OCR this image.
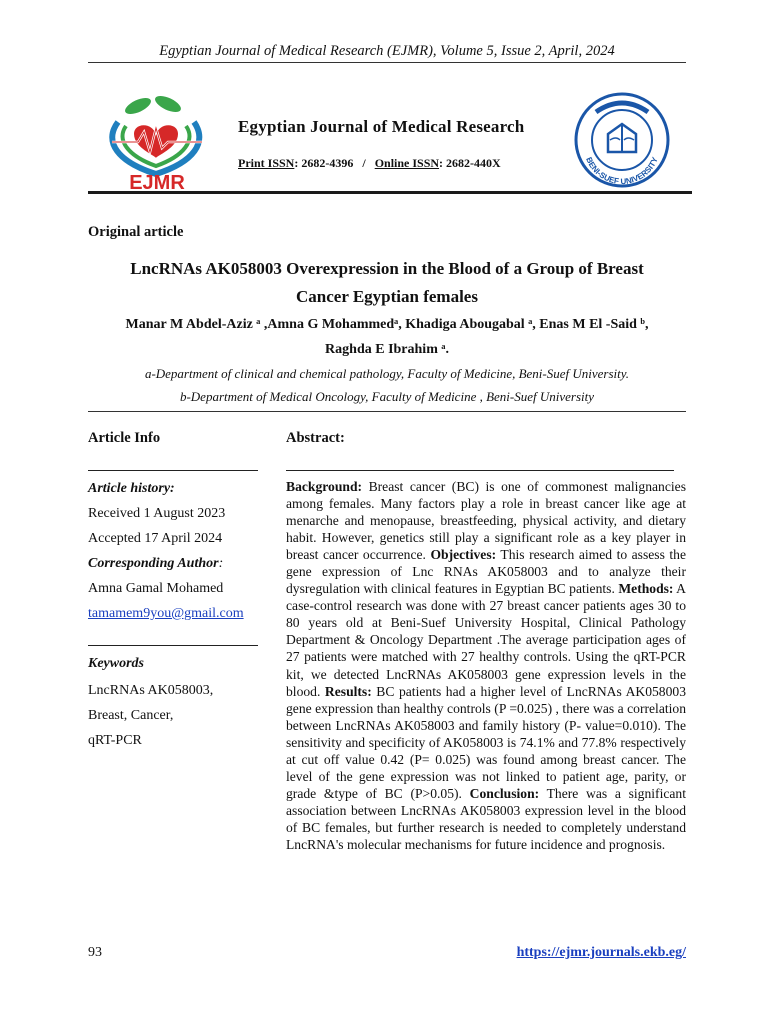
Egyptian Journal of Medical Research (EJMR), Volume 5, Issue 2, April, 2024
EJMR
Egyptian Journal of Medical Research
Print ISSN: 2682-4396 / Online ISSN: 2682-440X	BENI-SUEF UNIVERSITY
Original article
LncRNAs AK058003 Overexpression in the Blood of a Group of Breast
Cancer Egyptian females
Manar M Abdel-Aziz ᵃ ,Amna G Mohammedᵃ, Khadiga Abougabal ᵃ, Enas M El -Said ᵇ,
Raghda E Ibrahim ᵃ.
a-Department of clinical and chemical pathology, Faculty of Medicine, Beni-Suef University.
b-Department of Medical Oncology, Faculty of Medicine , Beni-Suef University
Article Info
Article history:
Received 1 August 2023
Accepted 17 April 2024
Corresponding Author:
Amna Gamal Mohamed
tamamem9you@gmail.com
Keywords
LncRNAs AK058003,
Breast, Cancer,
qRT-PCR
Abstract:

Background: Breast cancer (BC) is one of commonest malignancies among females. Many factors play a role in breast cancer like age at menarche and menopause, breastfeeding, physical activity, and dietary habit. However, genetics still play a significant role as a key player in breast cancer occurrence. Objectives: This research aimed to assess the gene expression of Lnc RNAs AK058003 and to analyze their dysregulation with clinical features in Egyptian BC patients. Methods: A case-control research was done with 27 breast cancer patients ages 30 to 80 years old at Beni-Suef University Hospital, Clinical Pathology Department & Oncology Department .The average participation ages of 27 patients were matched with 27 healthy controls. Using the qRT-PCR kit, we detected LncRNAs AK058003 gene expression levels in the blood. Results: BC patients had a higher level of LncRNAs AK058003 gene expression than healthy controls (P =0.025) , there was a correlation between LncRNAs AK058003 and family history (P- value=0.010). The sensitivity and specificity of AK058003 is 74.1% and 77.8% respectively at cut off value 0.42 (P= 0.025) was found among breast cancer. The level of the gene expression was not linked to patient age, parity, or grade &type of BC (P>0.05). Conclusion: There was a significant association between LncRNAs AK058003 expression level in the blood of BC females, but further research is needed to completely understand LncRNA's molecular mechanisms for future incidence and prognosis.

93	https://ejmr.journals.ekb.eg/
